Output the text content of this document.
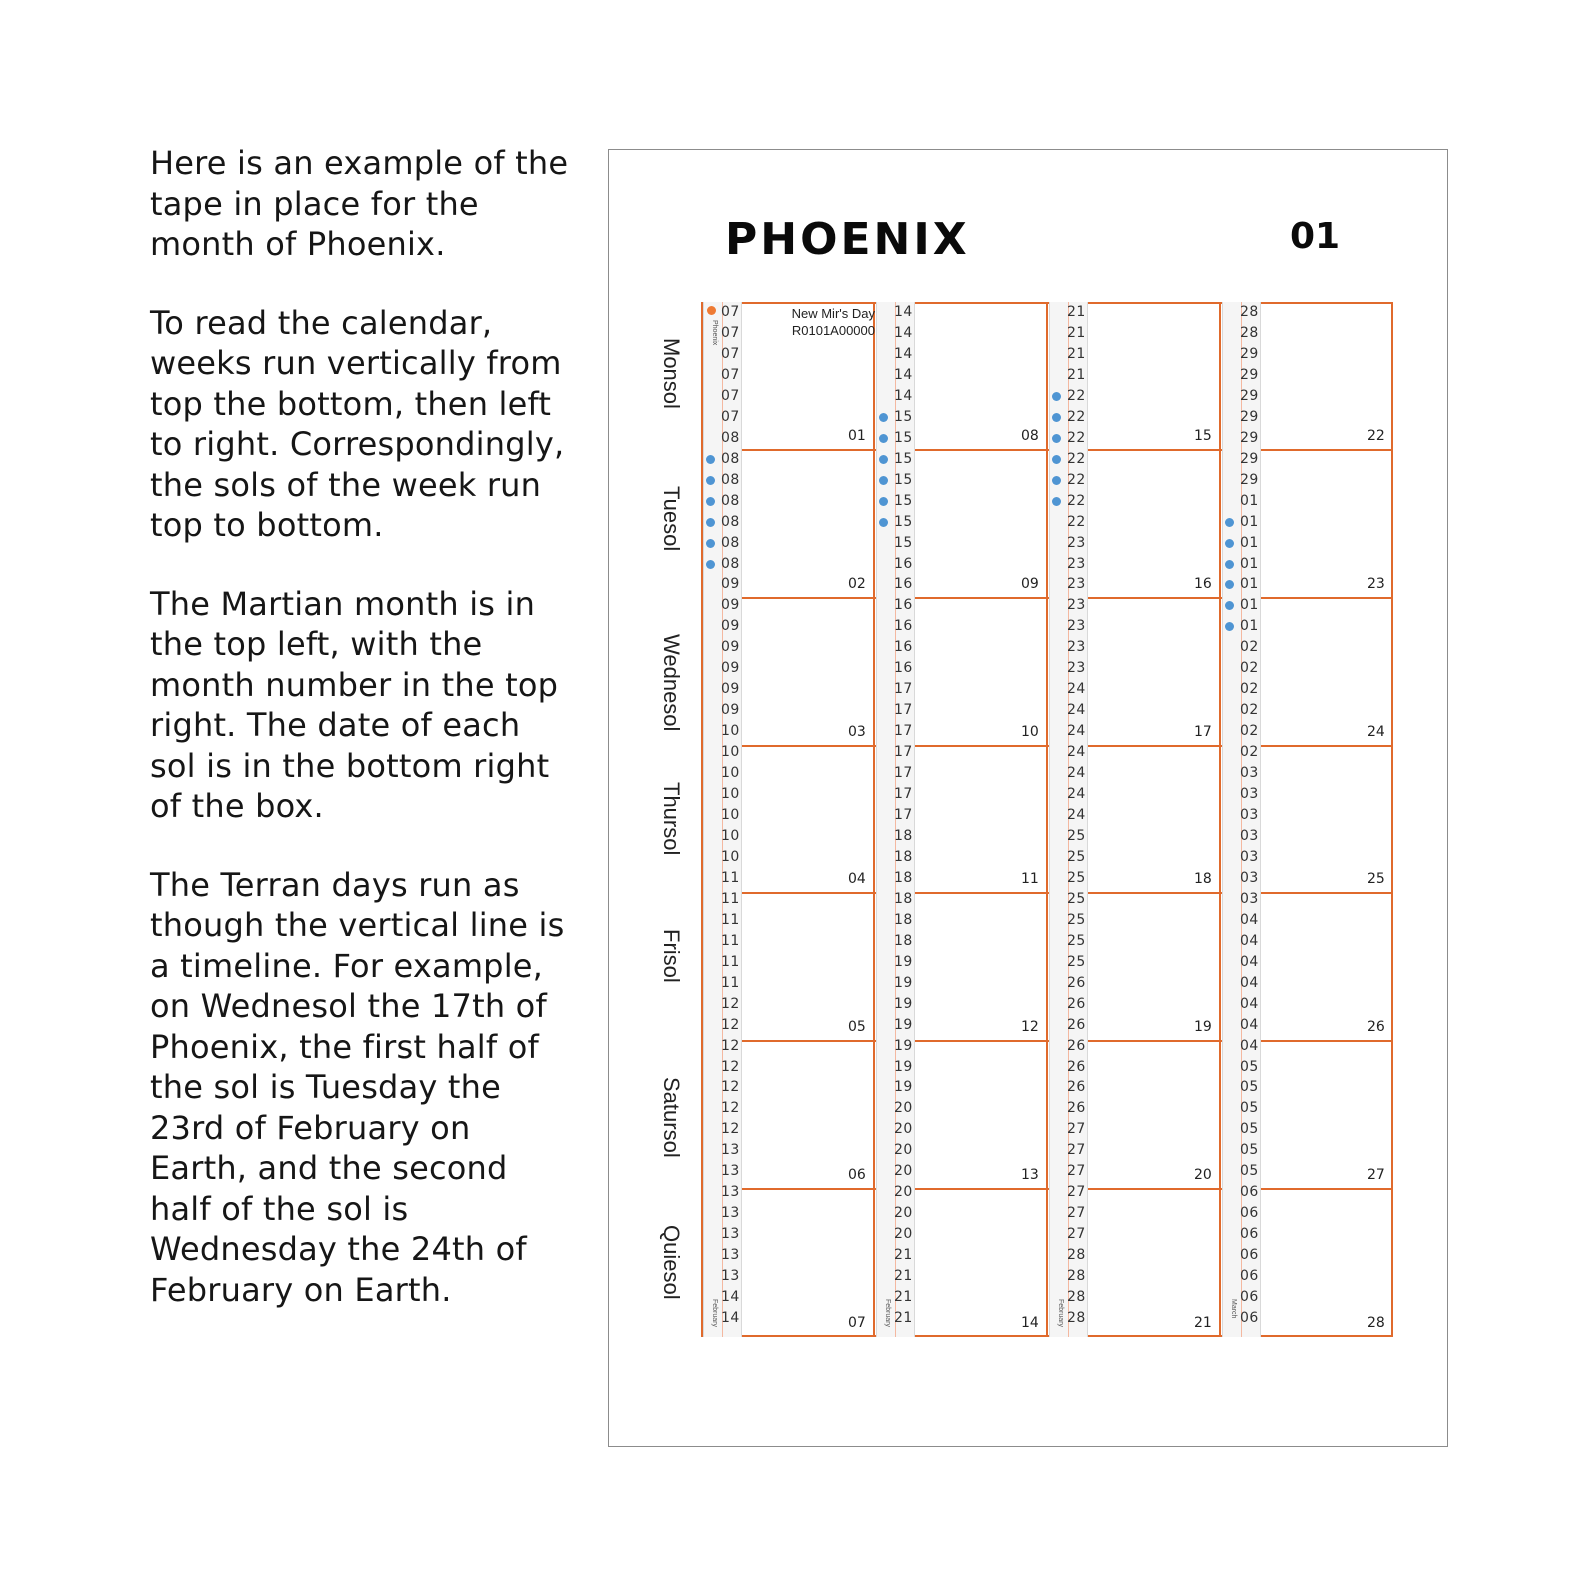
Here is an example of the tape in place for the month of Phoenix.

To read the calendar, weeks run vertically from top the bottom, then left to right. Correspondingly, the sols of the week run top to bottom.

The Martian month is in the top left, with the month number in the top right. The date of each sol is in the bottom right of the box.

The Terran days run as though the vertical line is a timeline. For example, on Wednesol the 17th of Phoenix, the first half of the sol is Tuesday the 23rd of February on Earth, and the second half of the sol is Wednesday the 24th of February on Earth.

PHOENIX	01
Monsol
Tuesol
Wednesol
Thursol
Frisol
Satursol
Quiesol
07
07
07
07
07
07
08
08
08
08
08
08
08
09
09
09
09
09
09
09
10
10
10
10
10
10
10
11
11
11
11
11
11
12
12
12
12
12
12
12
13
13
13
13
13
13
13
14
14
Phoenix
February
14
14
14
14
14
15
15
15
15
15
15
15
16
16
16
16
16
16
17
17
17
17
17
17
17
18
18
18
18
18
18
19
19
19
19
19
19
19
20
20
20
20
20
20
20
21
21
21
21
February
21
21
21
21
22
22
22
22
22
22
22
23
23
23
23
23
23
23
24
24
24
24
24
24
24
25
25
25
25
25
25
25
26
26
26
26
26
26
26
27
27
27
27
27
27
28
28
28
28
February
28
28
29
29
29
29
29
29
29
01
01
01
01
01
01
01
02
02
02
02
02
02
03
03
03
03
03
03
03
04
04
04
04
04
04
04
05
05
05
05
05
05
06
06
06
06
06
06
06
March
01
02
03
04
05
06
07
08
09
10
11
12
13
14
15
16
17
18
19
20
21
22
23
24
25
26
27
28
New Mir's Day
R0101A00000
